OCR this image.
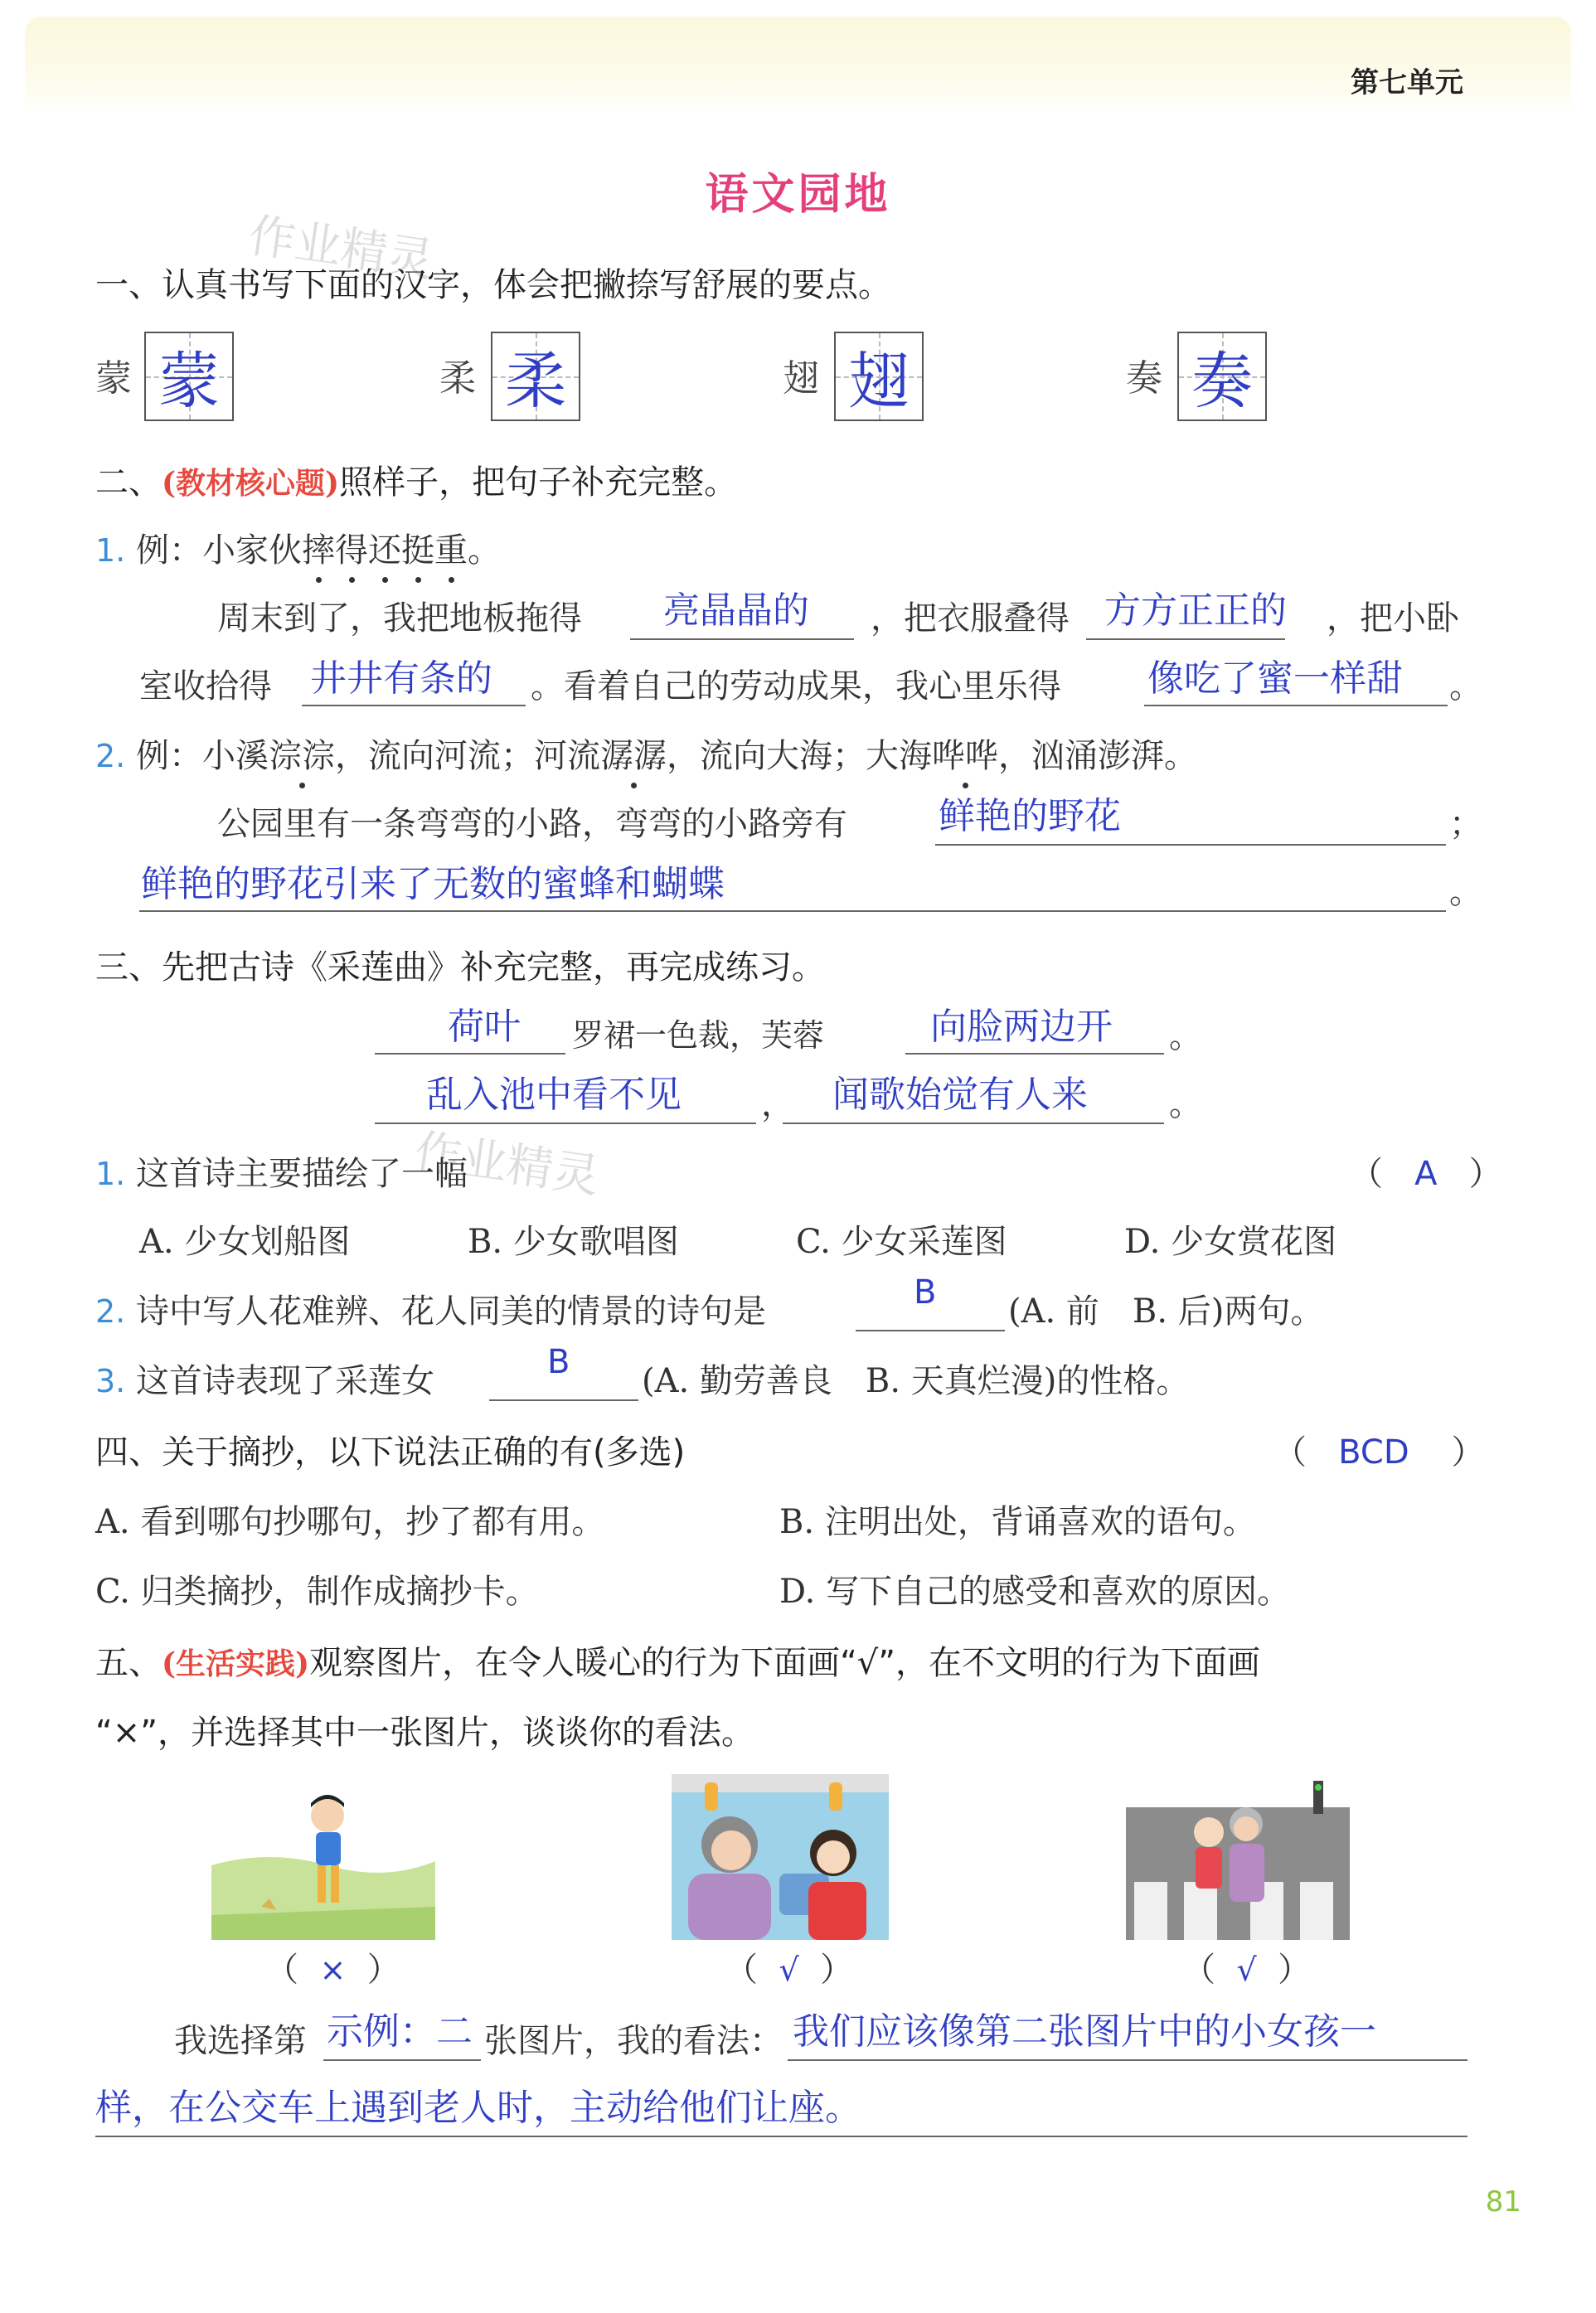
第七单元
语文园地
作业精灵
作业精灵
一、认真书写下面的汉字，体会把撇捺写舒展的要点。
蒙 蒙	柔 柔	翅 翅	奏 奏
二、(教材核心题)照样子，把句子补充完整。
1. 例：小家伙摔得还挺重。
周末到了，我把地板拖得 亮晶晶的 ，把衣服叠得 方方正正的 ，把小卧
室收拾得 井井有条的 。看着自己的劳动成果，我心里乐得 像吃了蜜一样甜 。
2. 例：小溪淙淙，流向河流；河流潺潺，流向大海；大海哗哗，汹涌澎湃。
公园里有一条弯弯的小路，弯弯的小路旁有	鲜艳的野花	；
鲜艳的野花引来了无数的蜜蜂和蝴蝶	。
三、先把古诗《采莲曲》补充完整，再完成练习。
荷叶 罗裙一色裁，芙蓉	向脸两边开 。
乱入池中看不见 ， 闻歌始觉有人来 。
1. 这首诗主要描绘了一幅	（   A   ）
A. 少女划船图	B. 少女歌唱图	C. 少女采莲图	D. 少女赏花图
2. 诗中写人花难辨、花人同美的情景的诗句是	B (A. 前　B. 后)两句。
3. 这首诗表现了采莲女	B (A. 勤劳善良　B. 天真烂漫)的性格。
四、关于摘抄，以下说法正确的有(多选)	（   BCD    ）
A. 看到哪句抄哪句，抄了都有用。	B. 注明出处，背诵喜欢的语句。
C. 归类摘抄，制作成摘抄卡。	D. 写下自己的感受和喜欢的原因。
五、(生活实践)观察图片，在令人暖心的行为下面画“√”，在不文明的行为下面画
“×”，并选择其中一张图片，谈谈你的看法。
（  ×  ）	（  √  ）	（  √  ）
我选择第 示例：二 张图片，我的看法： 我们应该像第二张图片中的小女孩一
样，在公交车上遇到老人时，主动给他们让座。
81
